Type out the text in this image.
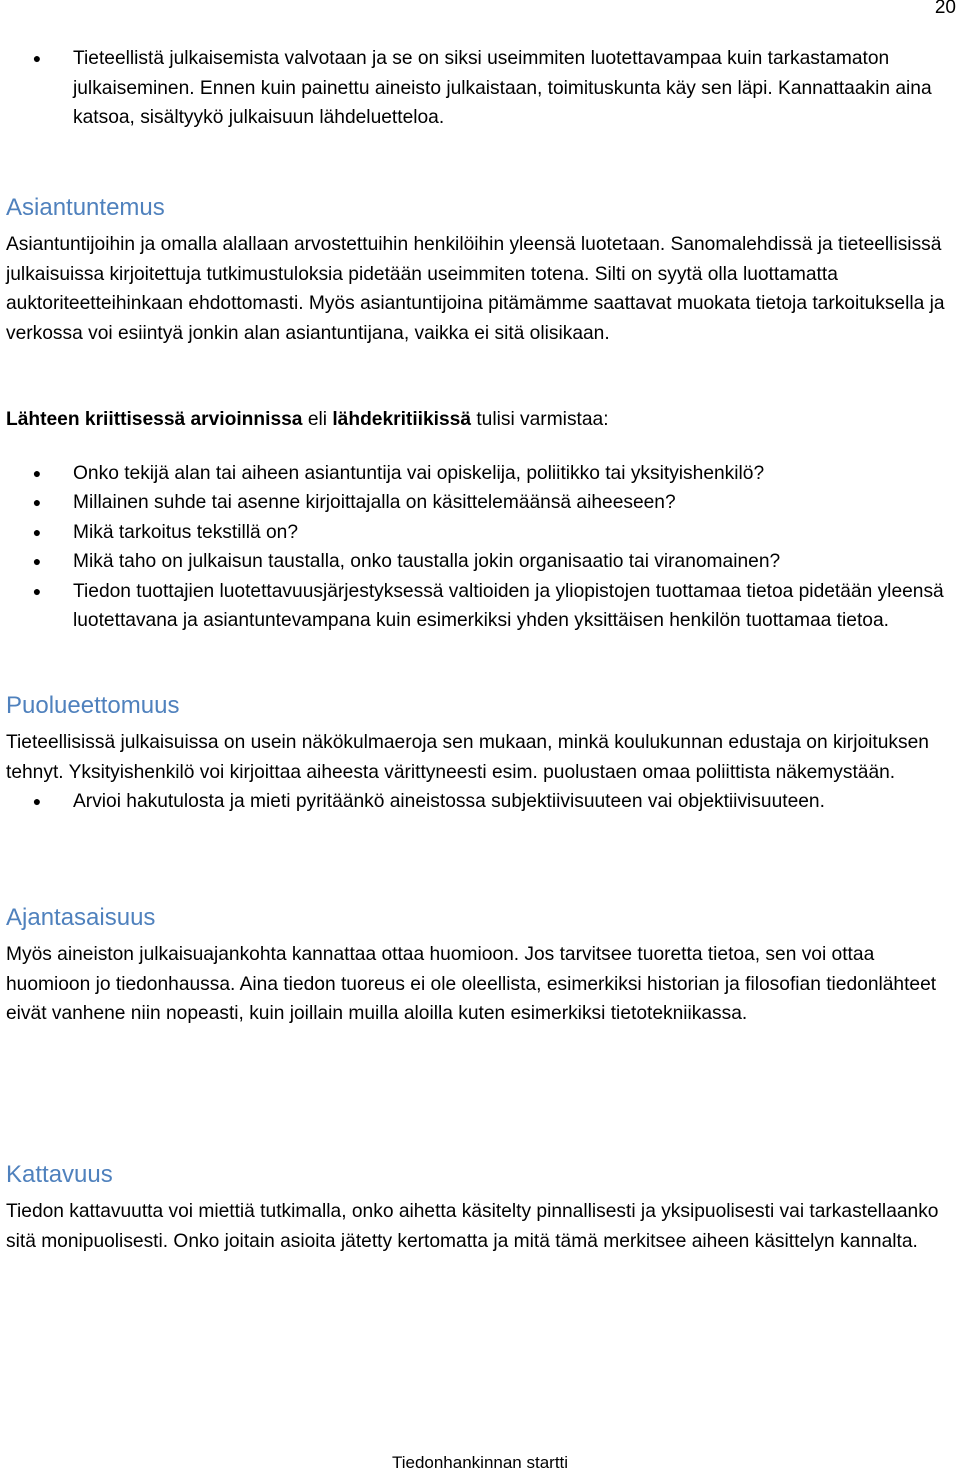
20
● Tieteellistä julkaisemista valvotaan ja se on siksi useimmiten luotettavampaa kuin tarkastamaton julkaiseminen. Ennen kuin painettu aineisto julkaistaan, toimituskunta käy sen läpi. Kannattaakin aina katsoa, sisältyykö julkaisuun lähdeluetteloa.
Asiantuntemus

Asiantuntijoihin ja omalla alallaan arvostettuihin henkilöihin yleensä luotetaan. Sanomalehdissä ja tieteellisissä julkaisuissa kirjoitettuja tutkimustuloksia pidetään useimmiten totena. Silti on syytä olla luottamatta auktoriteetteihinkaan ehdottomasti. Myös asiantuntijoina pitämämme saattavat muokata tietoja tarkoituksella ja verkossa voi esiintyä jonkin alan asiantuntijana, vaikka ei sitä olisikaan.

Lähteen kriittisessä arvioinnissa eli lähdekritiikissä tulisi varmistaa:

● Onko tekijä alan tai aiheen asiantuntija vai opiskelija, poliitikko tai yksityishenkilö?
● Millainen suhde tai asenne kirjoittajalla on käsittelemäänsä aiheeseen?
● Mikä tarkoitus tekstillä on?
● Mikä taho on julkaisun taustalla, onko taustalla jokin organisaatio tai viranomainen?
● Tiedon tuottajien luotettavuusjärjestyksessä valtioiden ja yliopistojen tuottamaa tietoa pidetään yleensä luotettavana ja asiantuntevampana kuin esimerkiksi yhden yksittäisen henkilön tuottamaa tietoa.
Puolueettomuus

Tieteellisissä julkaisuissa on usein näkökulmaeroja sen mukaan, minkä koulukunnan edustaja on kirjoituksen tehnyt. Yksityishenkilö voi kirjoittaa aiheesta värittyneesti esim. puolustaen omaa poliittista näkemystään.

● Arvioi hakutulosta ja mieti pyritäänkö aineistossa subjektiivisuuteen vai objektiivisuuteen.
Ajantasaisuus

Myös aineiston julkaisuajankohta kannattaa ottaa huomioon. Jos tarvitsee tuoretta tietoa, sen voi ottaa huomioon jo tiedonhaussa. Aina tiedon tuoreus ei ole oleellista, esimerkiksi historian ja filosofian tiedonlähteet eivät vanhene niin nopeasti, kuin joillain muilla aloilla kuten esimerkiksi tietotekniikassa.

Kattavuus

Tiedon kattavuutta voi miettiä tutkimalla, onko aihetta käsitelty pinnallisesti ja yksipuolisesti vai tarkastellaanko sitä monipuolisesti. Onko joitain asioita jätetty kertomatta ja mitä tämä merkitsee aiheen käsittelyn kannalta.

Tiedonhankinnan startti
